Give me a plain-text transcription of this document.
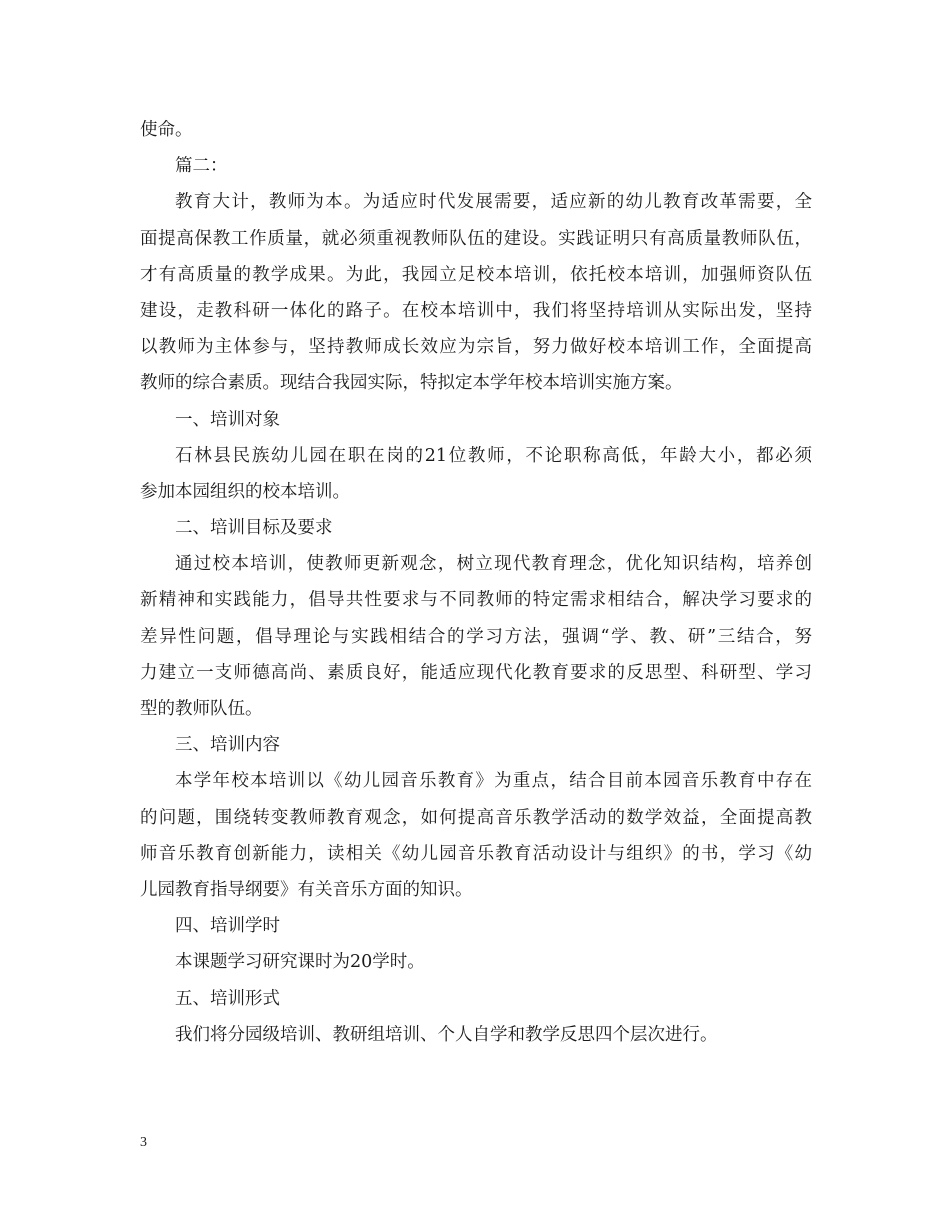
使命。
篇二：
教育大计，教师为本。为适应时代发展需要，适应新的幼儿教育改革需要，全
面提高保教工作质量，就必须重视教师队伍的建设。实践证明只有高质量教师队伍，
才有高质量的教学成果。为此，我园立足校本培训，依托校本培训，加强师资队伍
建设，走教科研一体化的路子。在校本培训中，我们将坚持培训从实际出发，坚持
以教师为主体参与，坚持教师成长效应为宗旨，努力做好校本培训工作，全面提高
教师的综合素质。现结合我园实际，特拟定本学年校本培训实施方案。
一、培训对象
石林县民族幼儿园在职在岗的21位教师，不论职称高低，年龄大小，都必须
参加本园组织的校本培训。
二、培训目标及要求
通过校本培训，使教师更新观念，树立现代教育理念，优化知识结构，培养创
新精神和实践能力，倡导共性要求与不同教师的特定需求相结合，解决学习要求的
差异性问题，倡导理论与实践相结合的学习方法，强调“学、教、研”三结合，努
力建立一支师德高尚、素质良好，能适应现代化教育要求的反思型、科研型、学习
型的教师队伍。
三、培训内容
本学年校本培训以《幼儿园音乐教育》为重点，结合目前本园音乐教育中存在
的问题，围绕转变教师教育观念，如何提高音乐教学活动的数学效益，全面提高教
师音乐教育创新能力，读相关《幼儿园音乐教育活动设计与组织》的书，学习《幼
儿园教育指导纲要》有关音乐方面的知识。
四、培训学时
本课题学习研究课时为20学时。
五、培训形式
我们将分园级培训、教研组培训、个人自学和教学反思四个层次进行。
3
